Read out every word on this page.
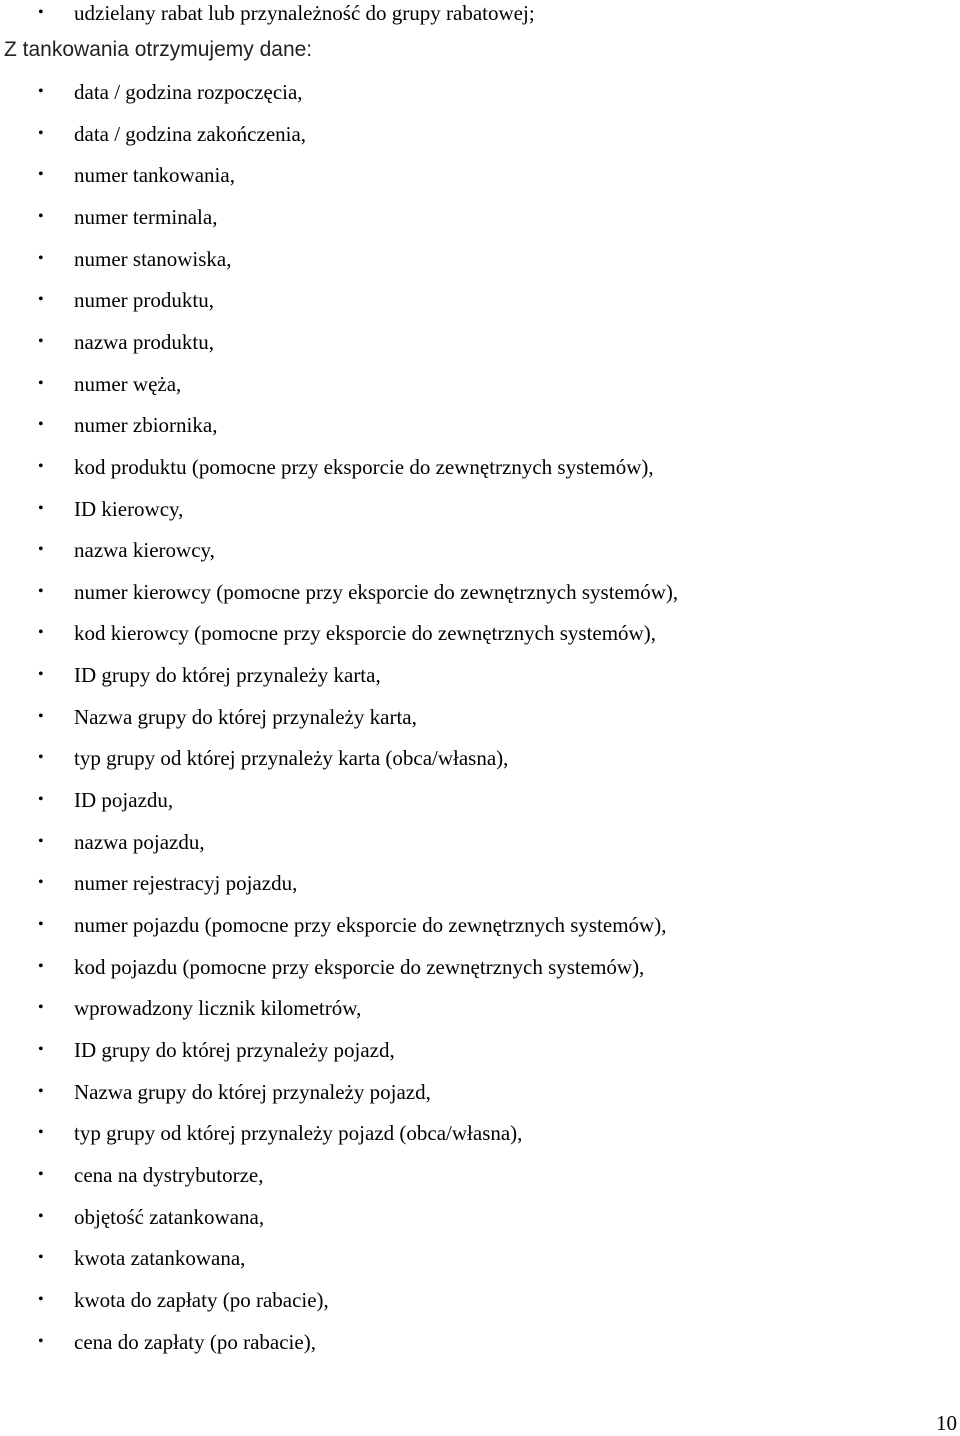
• udzielany rabat lub przynależność do grupy rabatowej;
Z tankowania otrzymujemy dane:
• data / godzina rozpoczęcia,
• data / godzina zakończenia,
• numer tankowania,
• numer terminala,
• numer stanowiska,
• numer produktu,
• nazwa produktu,
• numer węża,
• numer zbiornika,
• kod produktu (pomocne przy eksporcie do zewnętrznych systemów),
• ID kierowcy,
• nazwa kierowcy,
• numer kierowcy (pomocne przy eksporcie do zewnętrznych systemów),
• kod kierowcy (pomocne przy eksporcie do zewnętrznych systemów),
• ID grupy do której przynależy karta,
• Nazwa grupy do której przynależy karta,
• typ grupy od której przynależy karta (obca/własna),
• ID pojazdu,
• nazwa pojazdu,
• numer rejestracyj pojazdu,
• numer pojazdu (pomocne przy eksporcie do zewnętrznych systemów),
• kod pojazdu (pomocne przy eksporcie do zewnętrznych systemów),
• wprowadzony licznik kilometrów,
• ID grupy do której przynależy pojazd,
• Nazwa grupy do której przynależy pojazd,
• typ grupy od której przynależy pojazd (obca/własna),
• cena na dystrybutorze,
• objętość zatankowana,
• kwota zatankowana,
• kwota do zapłaty (po rabacie),
• cena do zapłaty (po rabacie),
10
